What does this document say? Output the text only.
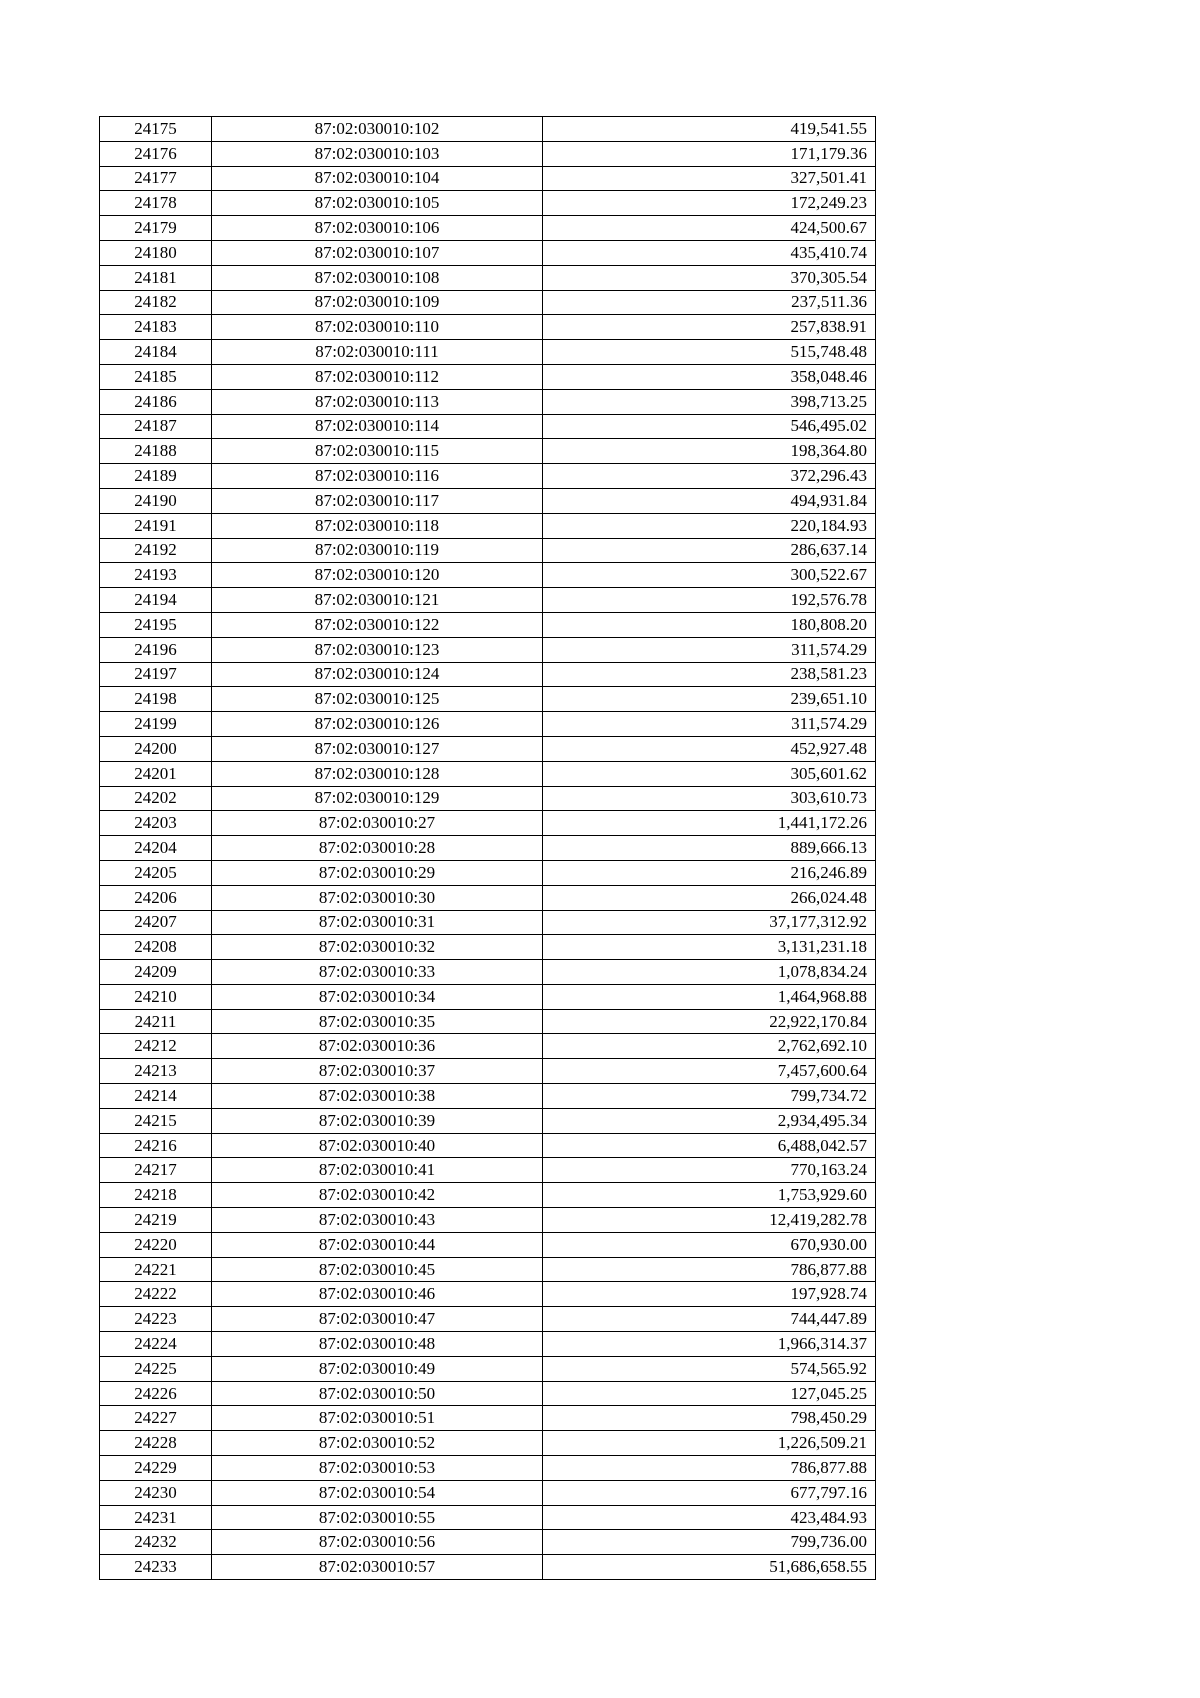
24175	87:02:030010:102	419,541.55
24176	87:02:030010:103	171,179.36
24177	87:02:030010:104	327,501.41
24178	87:02:030010:105	172,249.23
24179	87:02:030010:106	424,500.67
24180	87:02:030010:107	435,410.74
24181	87:02:030010:108	370,305.54
24182	87:02:030010:109	237,511.36
24183	87:02:030010:110	257,838.91
24184	87:02:030010:111	515,748.48
24185	87:02:030010:112	358,048.46
24186	87:02:030010:113	398,713.25
24187	87:02:030010:114	546,495.02
24188	87:02:030010:115	198,364.80
24189	87:02:030010:116	372,296.43
24190	87:02:030010:117	494,931.84
24191	87:02:030010:118	220,184.93
24192	87:02:030010:119	286,637.14
24193	87:02:030010:120	300,522.67
24194	87:02:030010:121	192,576.78
24195	87:02:030010:122	180,808.20
24196	87:02:030010:123	311,574.29
24197	87:02:030010:124	238,581.23
24198	87:02:030010:125	239,651.10
24199	87:02:030010:126	311,574.29
24200	87:02:030010:127	452,927.48
24201	87:02:030010:128	305,601.62
24202	87:02:030010:129	303,610.73
24203	87:02:030010:27	1,441,172.26
24204	87:02:030010:28	889,666.13
24205	87:02:030010:29	216,246.89
24206	87:02:030010:30	266,024.48
24207	87:02:030010:31	37,177,312.92
24208	87:02:030010:32	3,131,231.18
24209	87:02:030010:33	1,078,834.24
24210	87:02:030010:34	1,464,968.88
24211	87:02:030010:35	22,922,170.84
24212	87:02:030010:36	2,762,692.10
24213	87:02:030010:37	7,457,600.64
24214	87:02:030010:38	799,734.72
24215	87:02:030010:39	2,934,495.34
24216	87:02:030010:40	6,488,042.57
24217	87:02:030010:41	770,163.24
24218	87:02:030010:42	1,753,929.60
24219	87:02:030010:43	12,419,282.78
24220	87:02:030010:44	670,930.00
24221	87:02:030010:45	786,877.88
24222	87:02:030010:46	197,928.74
24223	87:02:030010:47	744,447.89
24224	87:02:030010:48	1,966,314.37
24225	87:02:030010:49	574,565.92
24226	87:02:030010:50	127,045.25
24227	87:02:030010:51	798,450.29
24228	87:02:030010:52	1,226,509.21
24229	87:02:030010:53	786,877.88
24230	87:02:030010:54	677,797.16
24231	87:02:030010:55	423,484.93
24232	87:02:030010:56	799,736.00
24233	87:02:030010:57	51,686,658.55
